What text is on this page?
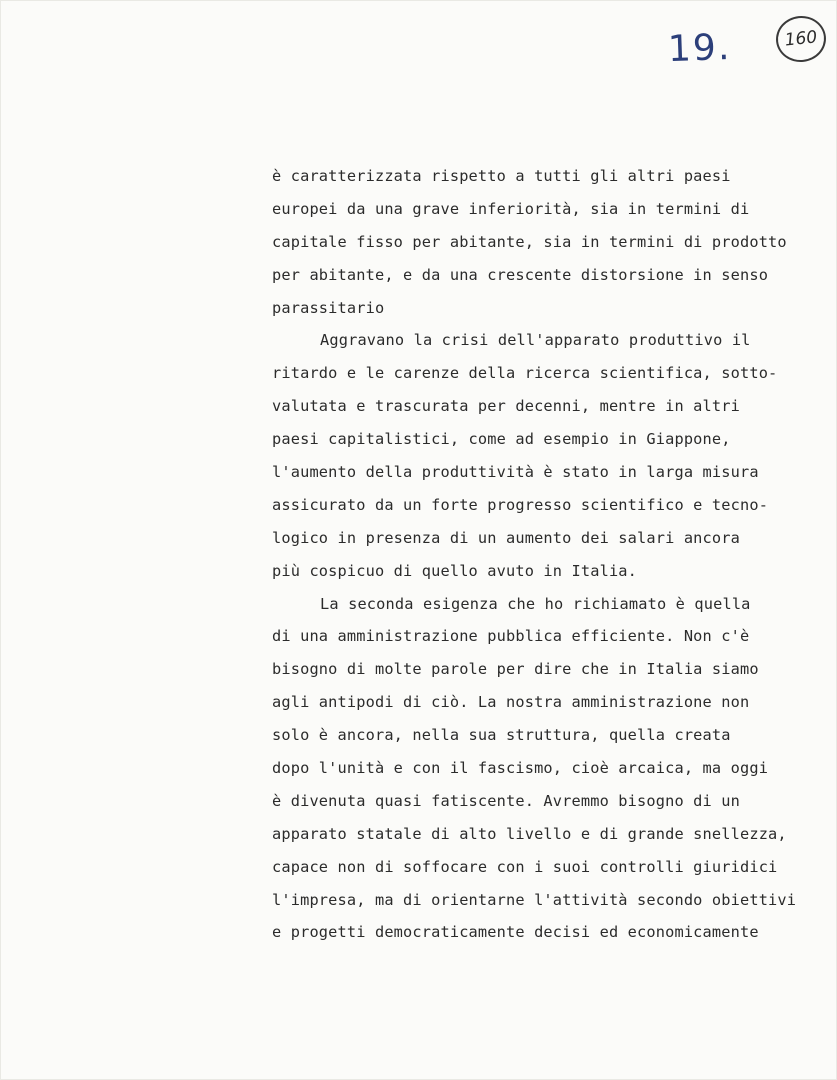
19.	160
è caratterizzata rispetto a tutti gli altri paesi
europei da una grave inferiorità, sia in termini di
capitale fisso per abitante, sia in termini di prodotto
per abitante, e da una crescente distorsione in senso
parassitario
Aggravano la crisi dell'apparato produttivo il
ritardo e le carenze della ricerca scientifica, sotto-
valutata e trascurata per decenni, mentre in altri
paesi capitalistici, come ad esempio in Giappone,
l'aumento della produttività è stato in larga misura
assicurato da un forte progresso scientifico e tecno-
logico in presenza di un aumento dei salari ancora
più cospicuo di quello avuto in Italia.
La seconda esigenza che ho richiamato è quella
di una amministrazione pubblica efficiente. Non c'è
bisogno di molte parole per dire che in Italia siamo
agli antipodi di ciò. La nostra amministrazione non
solo è ancora, nella sua struttura, quella creata
dopo l'unità e con il fascismo, cioè arcaica, ma oggi
è divenuta quasi fatiscente. Avremmo bisogno di un
apparato statale di alto livello e di grande snellezza,
capace non di soffocare con i suoi controlli giuridici
l'impresa, ma di orientarne l'attività secondo obiettivi
e progetti democraticamente decisi ed economicamente
